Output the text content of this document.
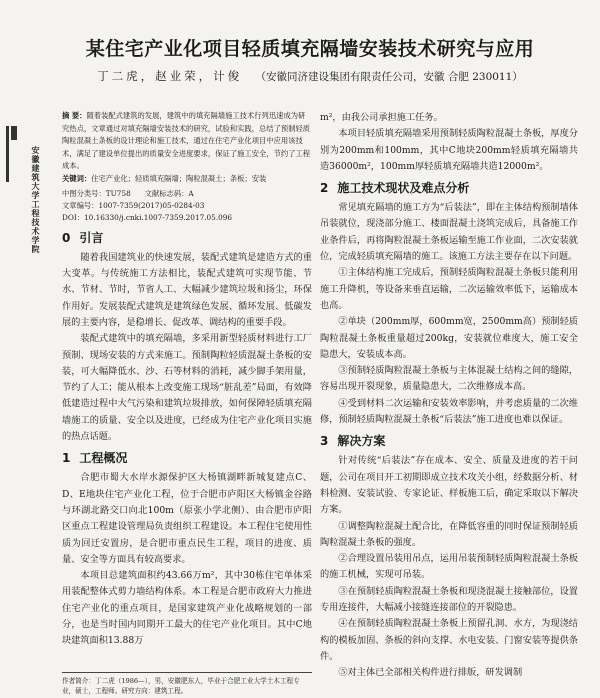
某住宅产业化项目轻质填充隔墙安装技术研究与应用
丁二虎，赵业荣，计俊 （安徽同济建设集团有限责任公司，安徽 合肥 230011）
安徽建筑大学工程技术学院
摘 要：随着装配式建筑的发展，建筑中的填充隔墙施工技术行列迅速成为研究热点，文章通过对填充隔墙安装技术的研究，试验和实践，总结了预制轻质陶粒混凝土条板的设计理论和施工技术，通过在住宅产业化项目中应用该技术，满足了建设单位提出的质量安全进度要求，保证了施工安全，节约了工程成本。
关键词：住宅产业化；轻质填充隔墙；陶粒混凝土；条板；安装
中图分类号：TU758 文献标志码：A
文章编号：1007-7359(2017)05-0284-03
DOI：10.16330/j.cnki.1007-7359.2017.05.096
0 引言

随着我国建筑业的快速发展，装配式建筑是建造方式的重大变革。与传统施工方法相比，装配式建筑可实现节能、节水、节材、节时，节省人工、大幅减少建筑垃圾和扬尘，环保作用好。发展装配式建筑是建筑绿色发展、循环发展、低碳发展的主要内容，是稳增长、促改革、调结构的重要手段。

装配式建筑中的填充隔墙，多采用新型轻质材料进行工厂预制、现场安装的方式来施工。预制陶粒轻质混凝土条板的安装，可大幅降低水、沙、石等材料的消耗，减少脚手架用量，节约了人工；能从根本上改变施工现场“脏乱差”局面，有效降低建造过程中大气污染和建筑垃圾排放，如何保障轻质填充隔墙施工的质量、安全以及进度，已经成为住宅产业化项目实施的热点话题。

1 工程概况

合肥市蜀大水岸水源保护区大杨镇湖畔新城复建点C、D、E地块住宅产业化工程，位于合肥市庐阳区大杨镇金谷路与环湖北路交口向北100m（原张小学北侧）、由合肥市庐阳区重点工程建设管理局负责组织工程建设。本工程住宅使用性质为回迁安置房，是合肥市重点民生工程，项目的进度、质量、安全等方面具有较高要求。

本项目总建筑面积约43.66万m²，其中30栋住宅单体采用装配整体式剪力墙结构体系。本工程是合肥市政府大力推进住宅产业化的重点项目，是国家建筑产业化战略规划的一部分，也是当时国内同期开工最大的住宅产业化项目。其中C地块建筑面积13.88万

m²，由我公司承担施工任务。

本项目轻质填充隔墙采用预制轻质陶粒混凝土条板，厚度分别为200mm和100mm，其中C地块200mm轻质填充隔墙共造36000m²，100mm厚轻质填充隔墙共造12000m²。

2 施工技术现状及难点分析

常见填充隔墙的施工方为“后装法”，即在主体结构预制墙体吊装就位，现浇部分施工、楼面混凝土浇筑完成后，具备施工作业条件后，再将陶粒混凝土条板运输至施工作业面，二次安装就位，完成轻质填充隔墙的施工。该施工方法主要存在以下问题。

①主体结构施工完成后，预制轻质陶粒混凝土条板只能利用施工升降机，等设备来垂直运输，二次运输效率低下，运输成本也高。

②单块（200mm厚，600mm宽，2500mm高）预制轻质陶粒混凝土条板重量超过200kg，安装就位难度大，施工安全隐患大，安装成本高。

③预制轻质陶粒混凝土条板与主体混凝土结构之间的缝隙，容易出现开裂现象，质量隐患大，二次维修成本高。

④受到材料二次运输和安装效率影响，并考虑质量的二次维修，预制轻质陶粒混凝土条板“后装法”施工进度也难以保证。

3 解决方案

针对传统“后装法”存在成本、安全、质量及进度的若干问题，公司在项目开工初期即成立技术攻关小组，经数据分析、材料检测、安装试验、专家论证、样板施工后，确定采取以下解决方案。

①调整陶粒混凝土配合比，在降低容重的同时保证预制轻质陶粒混凝土条板的强度。

②合理设置吊装用吊点，运用吊装预制轻质陶粒混凝土条板的施工机械，实现可吊装。

③在预制轻质陶粒混凝土条板和现浇混凝土接触部位，设置专用连接件，大幅减小接缝连接部位的开裂隐患。

④在预制轻质陶粒混凝土条板上预留孔洞、水方，为现浇结构的模板加固、条板的斜向支撑、水电安装、门窗安装等提供条件。

⑤对主体已全部相关构件进行排版，研发调制

作者简介：丁二虎（1986—），男，安徽肥东人，毕业于合肥工业大学土木工程专业，硕士，工程师。研究方向：建筑工程。
